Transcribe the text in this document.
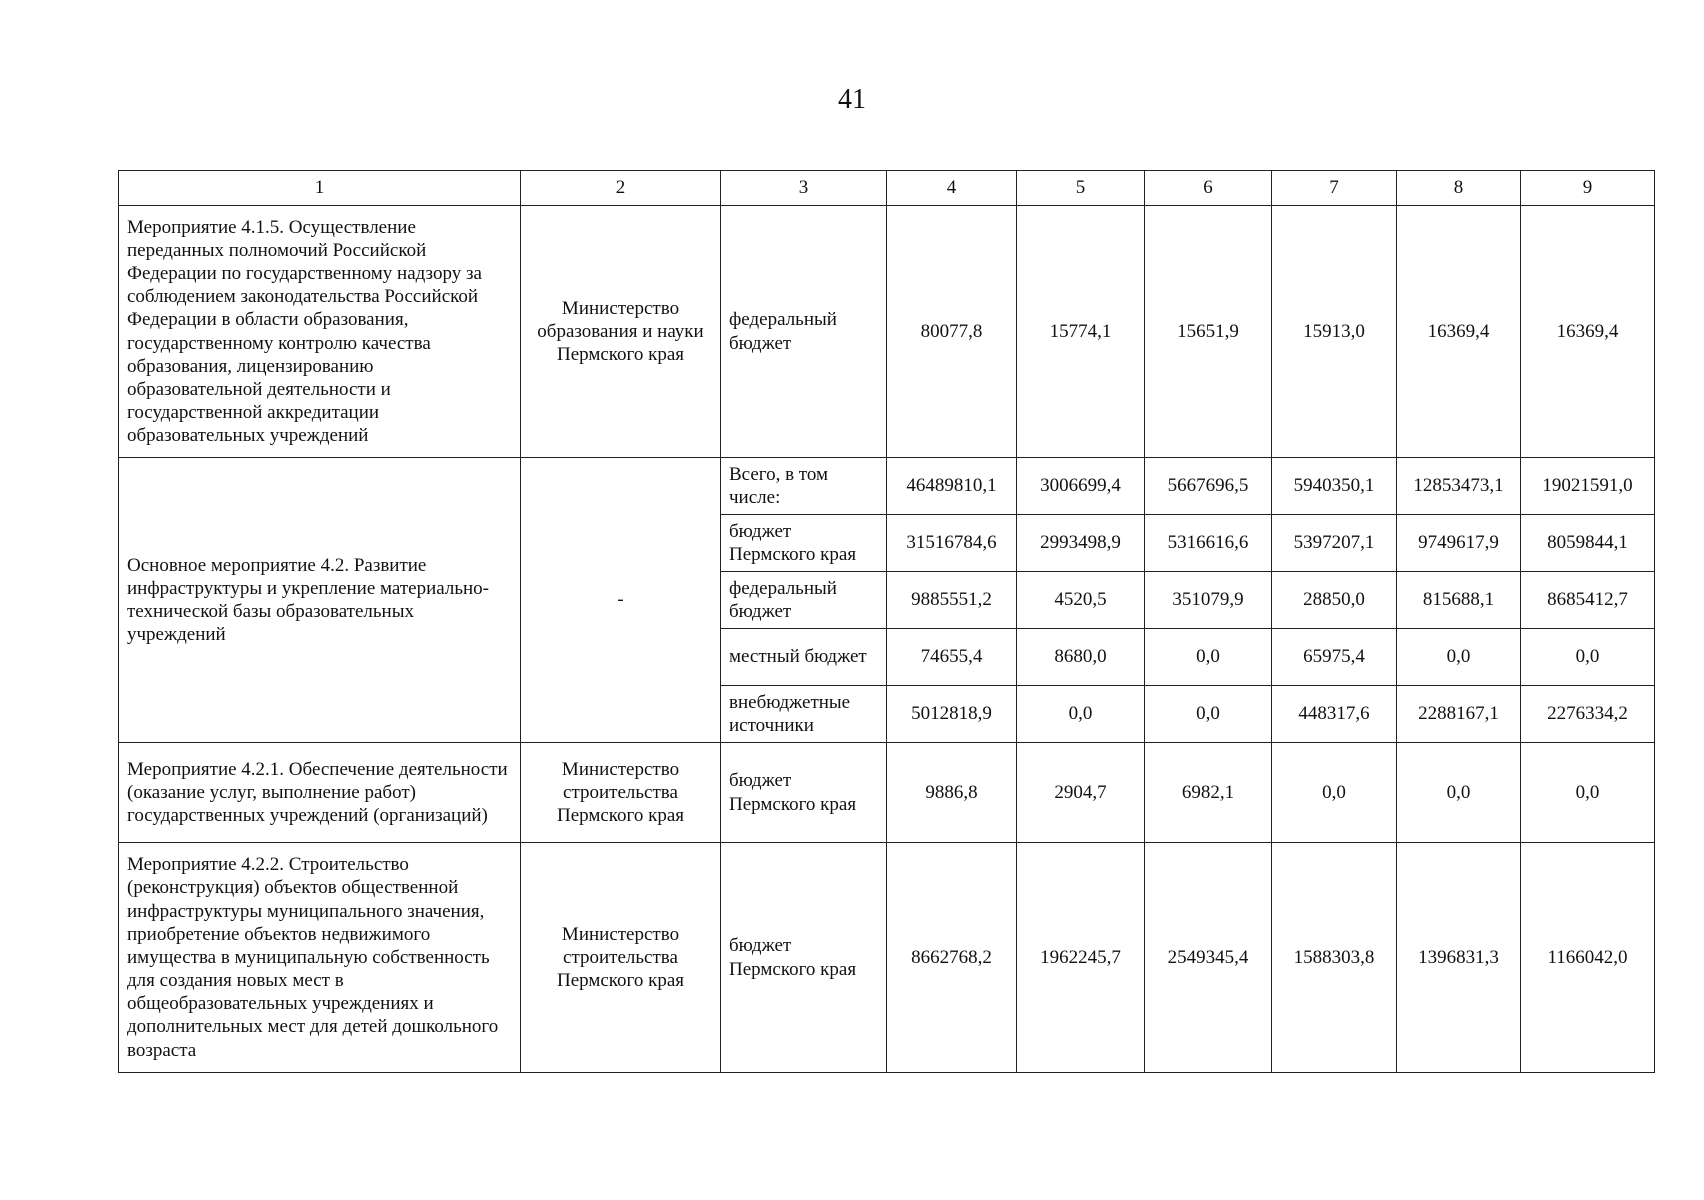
41
1	2	3	4	5	6	7	8	9
Мероприятие 4.1.5. Осуществление переданных полномочий Российской Федерации по государственному надзору за соблюдением законодательства Российской Федерации в области образования, государственному контролю качества образования, лицензированию образовательной деятельности и государственной аккредитации образовательных учреждений	Министерство образования и науки Пермского края	федеральный бюджет	80077,8	15774,1	15651,9	15913,0	16369,4	16369,4
Основное мероприятие 4.2. Развитие инфраструктуры и укрепление материально-технической базы образовательных учреждений	-	Всего, в том числе:	46489810,1	3006699,4	5667696,5	5940350,1	12853473,1	19021591,0
		бюджет Пермского края	31516784,6	2993498,9	5316616,6	5397207,1	9749617,9	8059844,1
		федеральный бюджет	9885551,2	4520,5	351079,9	28850,0	815688,1	8685412,7
		местный бюджет	74655,4	8680,0	0,0	65975,4	0,0	0,0
		внебюджетные источники	5012818,9	0,0	0,0	448317,6	2288167,1	2276334,2
Мероприятие 4.2.1. Обеспечение деятельности (оказание услуг, выполнение работ) государственных учреждений (организаций)	Министерство строительства Пермского края	бюджет Пермского края	9886,8	2904,7	6982,1	0,0	0,0	0,0
Мероприятие 4.2.2. Строительство (реконструкция) объектов общественной инфраструктуры муниципального значения, приобретение объектов недвижимого имущества в муниципальную собственность для создания новых мест в общеобразовательных учреждениях и дополнительных мест для детей дошкольного возраста	Министерство строительства Пермского края	бюджет Пермского края	8662768,2	1962245,7	2549345,4	1588303,8	1396831,3	1166042,0
